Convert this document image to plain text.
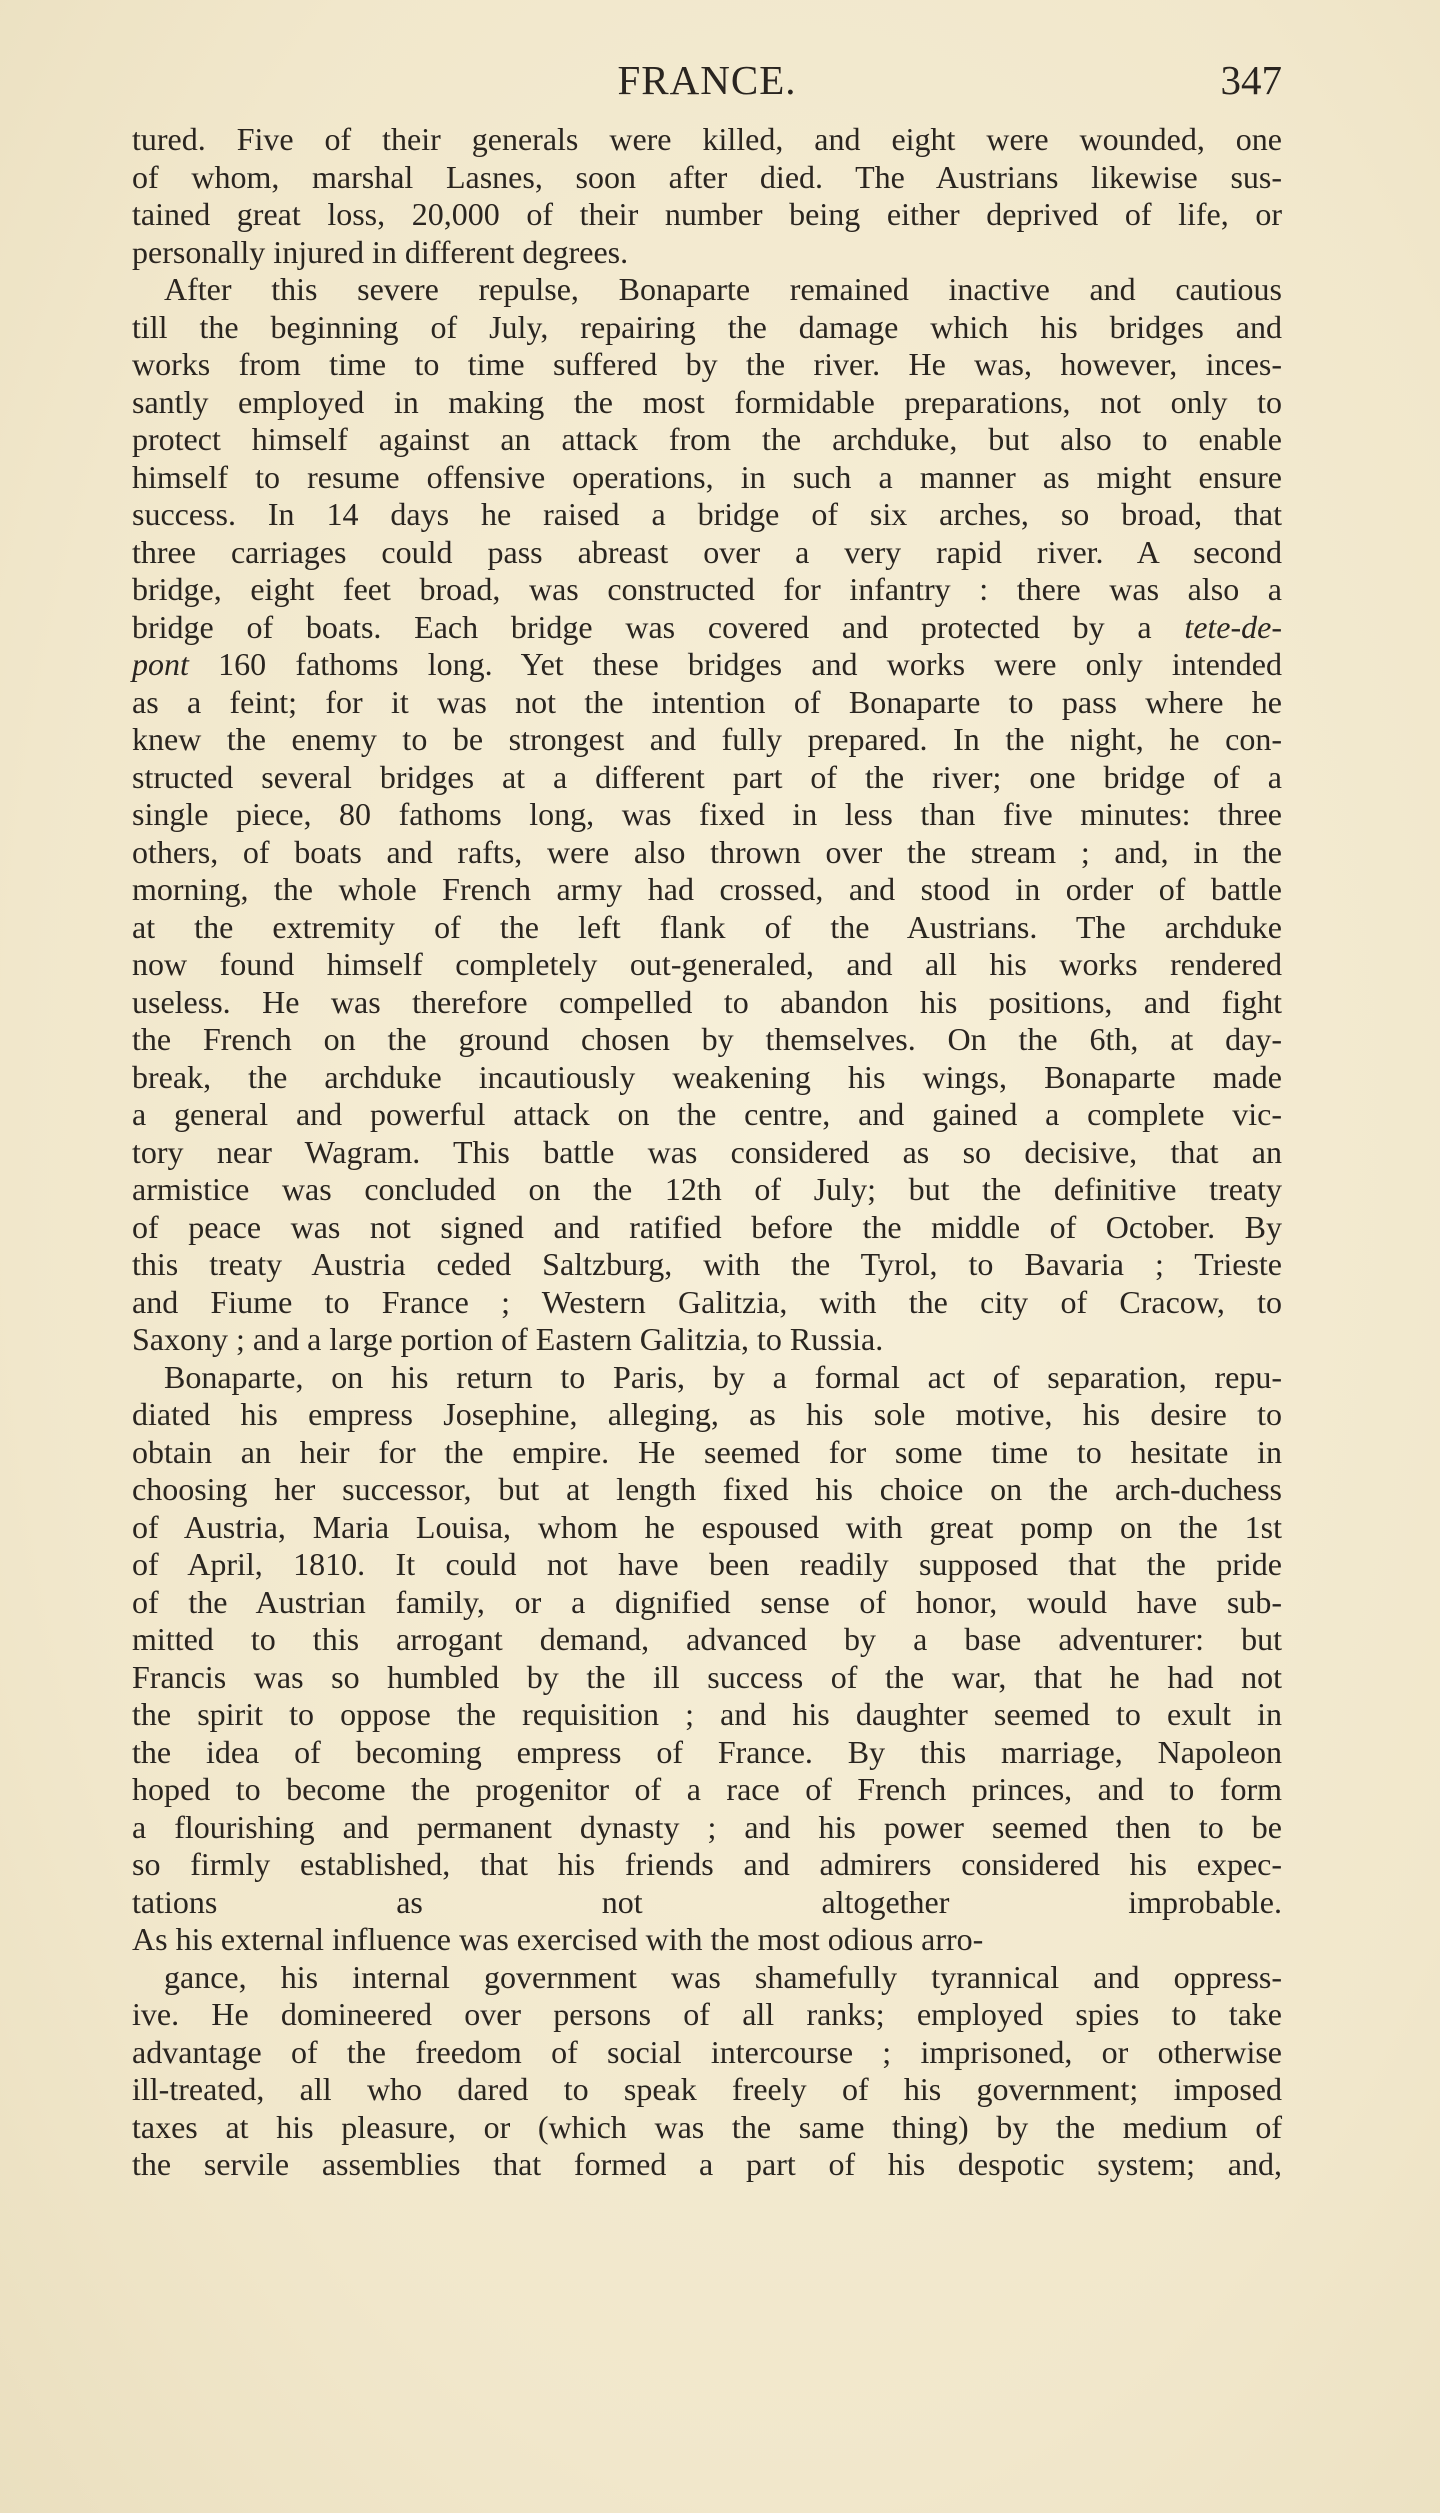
FRANCE.	347
tured. Five of their generals were killed, and eight were wounded, one
of whom, marshal Lasnes, soon after died. The Austrians likewise sus-
tained great loss, 20,000 of their number being either deprived of life, or
personally injured in different degrees.
After this severe repulse, Bonaparte remained inactive and cautious
till the beginning of July, repairing the damage which his bridges and
works from time to time suffered by the river. He was, however, inces-
santly employed in making the most formidable preparations, not only to
protect himself against an attack from the archduke, but also to enable
himself to resume offensive operations, in such a manner as might ensure
success. In 14 days he raised a bridge of six arches, so broad, that
three carriages could pass abreast over a very rapid river. A second
bridge, eight feet broad, was constructed for infantry : there was also a
bridge of boats. Each bridge was covered and protected by a tete-de-
pont 160 fathoms long. Yet these bridges and works were only intended
as a feint; for it was not the intention of Bonaparte to pass where he
knew the enemy to be strongest and fully prepared. In the night, he con-
structed several bridges at a different part of the river; one bridge of a
single piece, 80 fathoms long, was fixed in less than five minutes: three
others, of boats and rafts, were also thrown over the stream ; and, in the
morning, the whole French army had crossed, and stood in order of battle
at the extremity of the left flank of the Austrians. The archduke
now found himself completely out-generaled, and all his works rendered
useless. He was therefore compelled to abandon his positions, and fight
the French on the ground chosen by themselves. On the 6th, at day-
break, the archduke incautiously weakening his wings, Bonaparte made
a general and powerful attack on the centre, and gained a complete vic-
tory near Wagram. This battle was considered as so decisive, that an
armistice was concluded on the 12th of July; but the definitive treaty
of peace was not signed and ratified before the middle of October. By
this treaty Austria ceded Saltzburg, with the Tyrol, to Bavaria ; Trieste
and Fiume to France ; Western Galitzia, with the city of Cracow, to
Saxony ; and a large portion of Eastern Galitzia, to Russia.
Bonaparte, on his return to Paris, by a formal act of separation, repu-
diated his empress Josephine, alleging, as his sole motive, his desire to
obtain an heir for the empire. He seemed for some time to hesitate in
choosing her successor, but at length fixed his choice on the arch-duchess
of Austria, Maria Louisa, whom he espoused with great pomp on the 1st
of April, 1810. It could not have been readily supposed that the pride
of the Austrian family, or a dignified sense of honor, would have sub-
mitted to this arrogant demand, advanced by a base adventurer: but
Francis was so humbled by the ill success of the war, that he had not
the spirit to oppose the requisition ; and his daughter seemed to exult in
the idea of becoming empress of France. By this marriage, Napoleon
hoped to become the progenitor of a race of French princes, and to form
a flourishing and permanent dynasty ; and his power seemed then to be
so firmly established, that his friends and admirers considered his expec-
tations as not altogether improbable.
As his external influence was exercised with the most odious arro-
gance, his internal government was shamefully tyrannical and oppress-
ive. He domineered over persons of all ranks; employed spies to take
advantage of the freedom of social intercourse ; imprisoned, or otherwise
ill-treated, all who dared to speak freely of his government; imposed
taxes at his pleasure, or (which was the same thing) by the medium of
the servile assemblies that formed a part of his despotic system; and,
